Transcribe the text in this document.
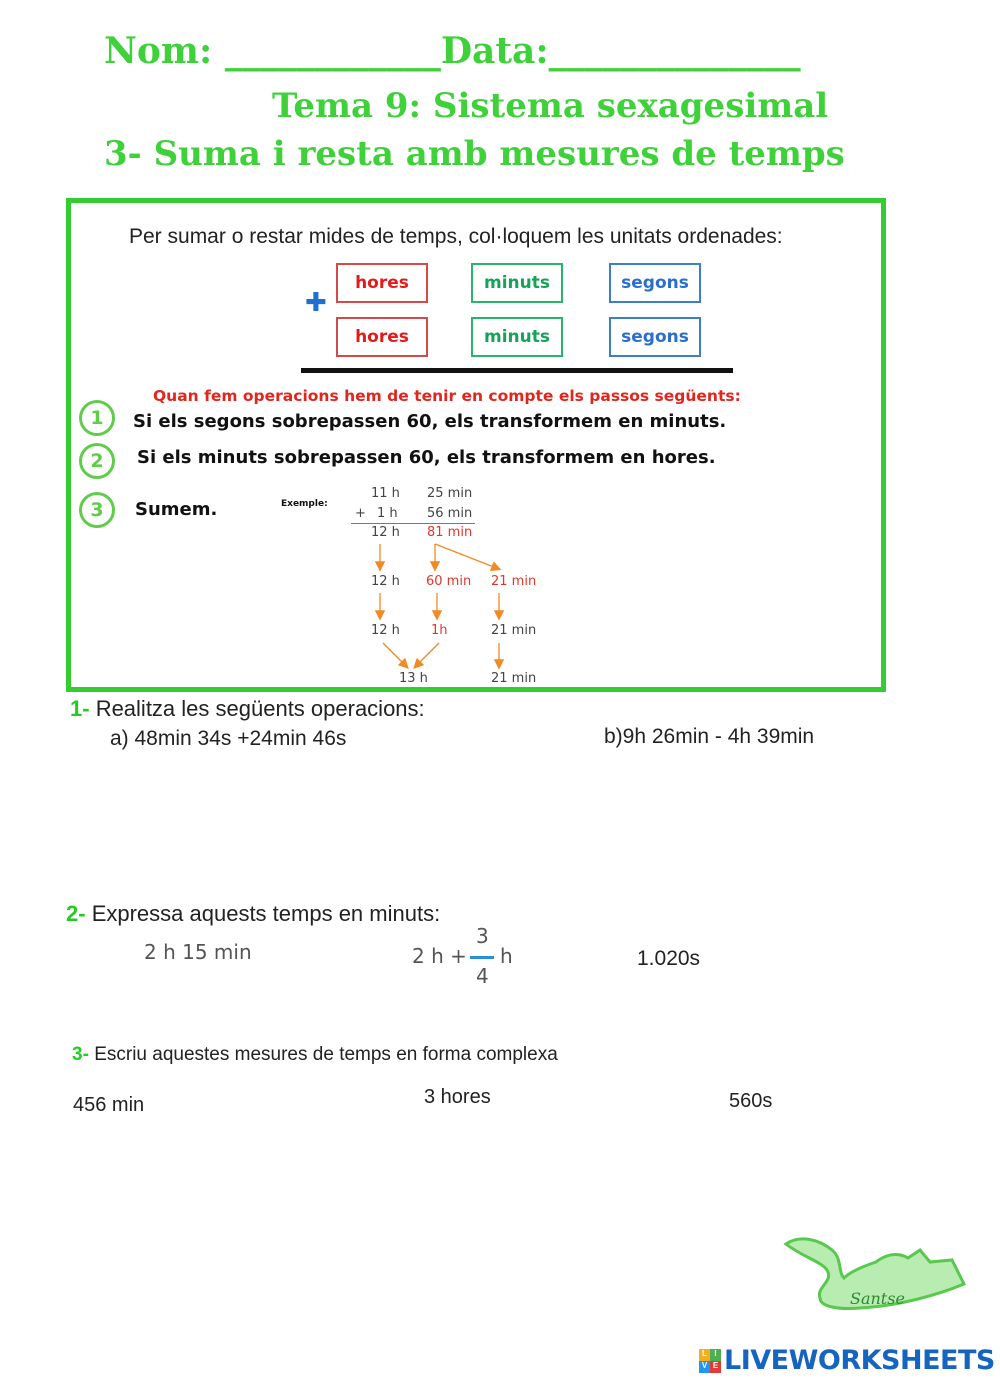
Nom: ____________Data:______________
Tema 9: Sistema sexagesimal
3- Suma i resta amb mesures de temps
Per sumar o restar mides de temps, col·loquem les unitats ordenades:
✚
hores	minuts	segons
hores	minuts	segons
Quan fem operacions hem de tenir en compte els passos següents:
1	Si els segons sobrepassen 60, els transformem en minuts.
2	Si els minuts sobrepassen 60, els transformem en hores.
3	Sumem.	Exemple:
11 h 25 min
+ 1 h 56 min
12 h 81 min
12 h 60 min 21 min
12 h 1h	21 min
13 h	21 min
1- Realitza les següents operacions:
a) 48min 34s +24min 46s	b)9h 26min - 4h 39min
2- Expressa aquests temps en minuts:
2 h 15 min	2 h +
3
4
h	1.020s
3- Escriu aquestes mesures de temps en forma complexa
456 min	3 hores	560s
Santse
L I
V E LIVEWORKSHEETS
